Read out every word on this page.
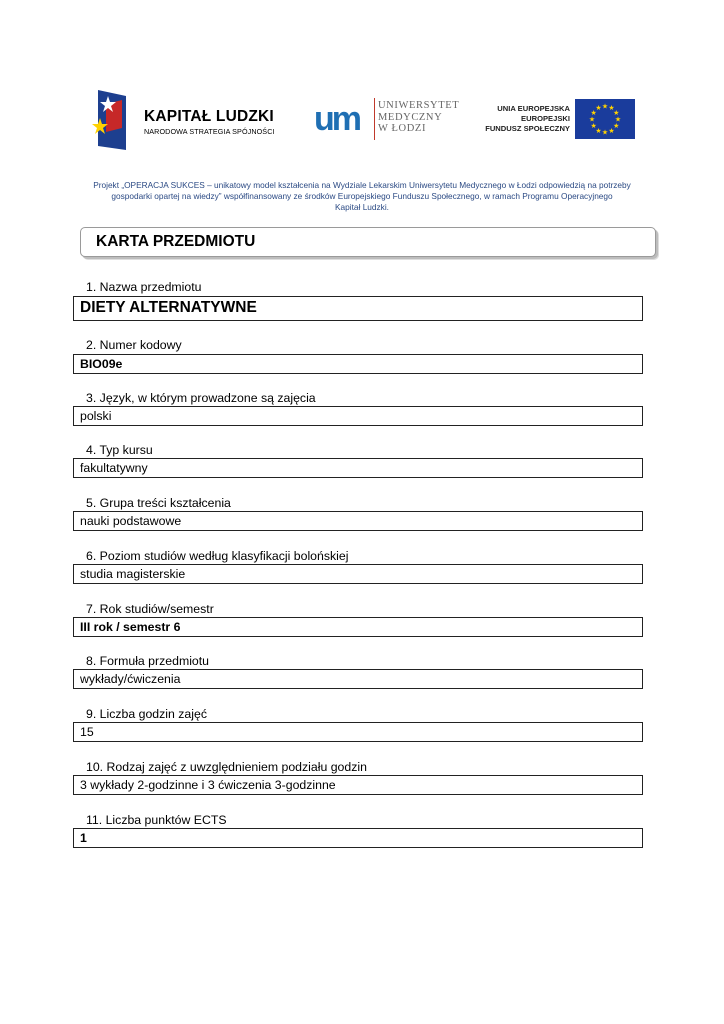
KAPITAŁ LUDZKI
NARODOWA STRATEGIA SPÓJNOŚCI um UNIWERSYTET
MEDYCZNY
W ŁODZI
UNIA EUROPEJSKA
EUROPEJSKI
FUNDUSZ SPOŁECZNY
★ ★
★
★
★
★
★
★
★
★
★
★
Projekt „OPERACJA SUKCES – unikatowy model kształcenia na Wydziale Lekarskim Uniwersytetu Medycznego w Łodzi odpowiedzią na potrzeby
gospodarki opartej na wiedzy” współfinansowany ze środków Europejskiego Funduszu Społecznego, w ramach Programu Operacyjnego
Kapitał Ludzki.
KARTA PRZEDMIOTU
1. Nazwa przedmiotu
DIETY ALTERNATYWNE
2. Numer kodowy
BIO09e
3. Język, w którym prowadzone są zajęcia
polski
4. Typ kursu
fakultatywny
5. Grupa treści kształcenia
nauki podstawowe
6. Poziom studiów według klasyfikacji bolońskiej
studia magisterskie
7. Rok studiów/semestr
III rok / semestr 6
8. Formuła przedmiotu
wykłady/ćwiczenia
9. Liczba godzin zajęć
15
10. Rodzaj zajęć z uwzględnieniem podziału godzin
3 wykłady 2-godzinne i 3 ćwiczenia 3-godzinne
11. Liczba punktów ECTS
1
